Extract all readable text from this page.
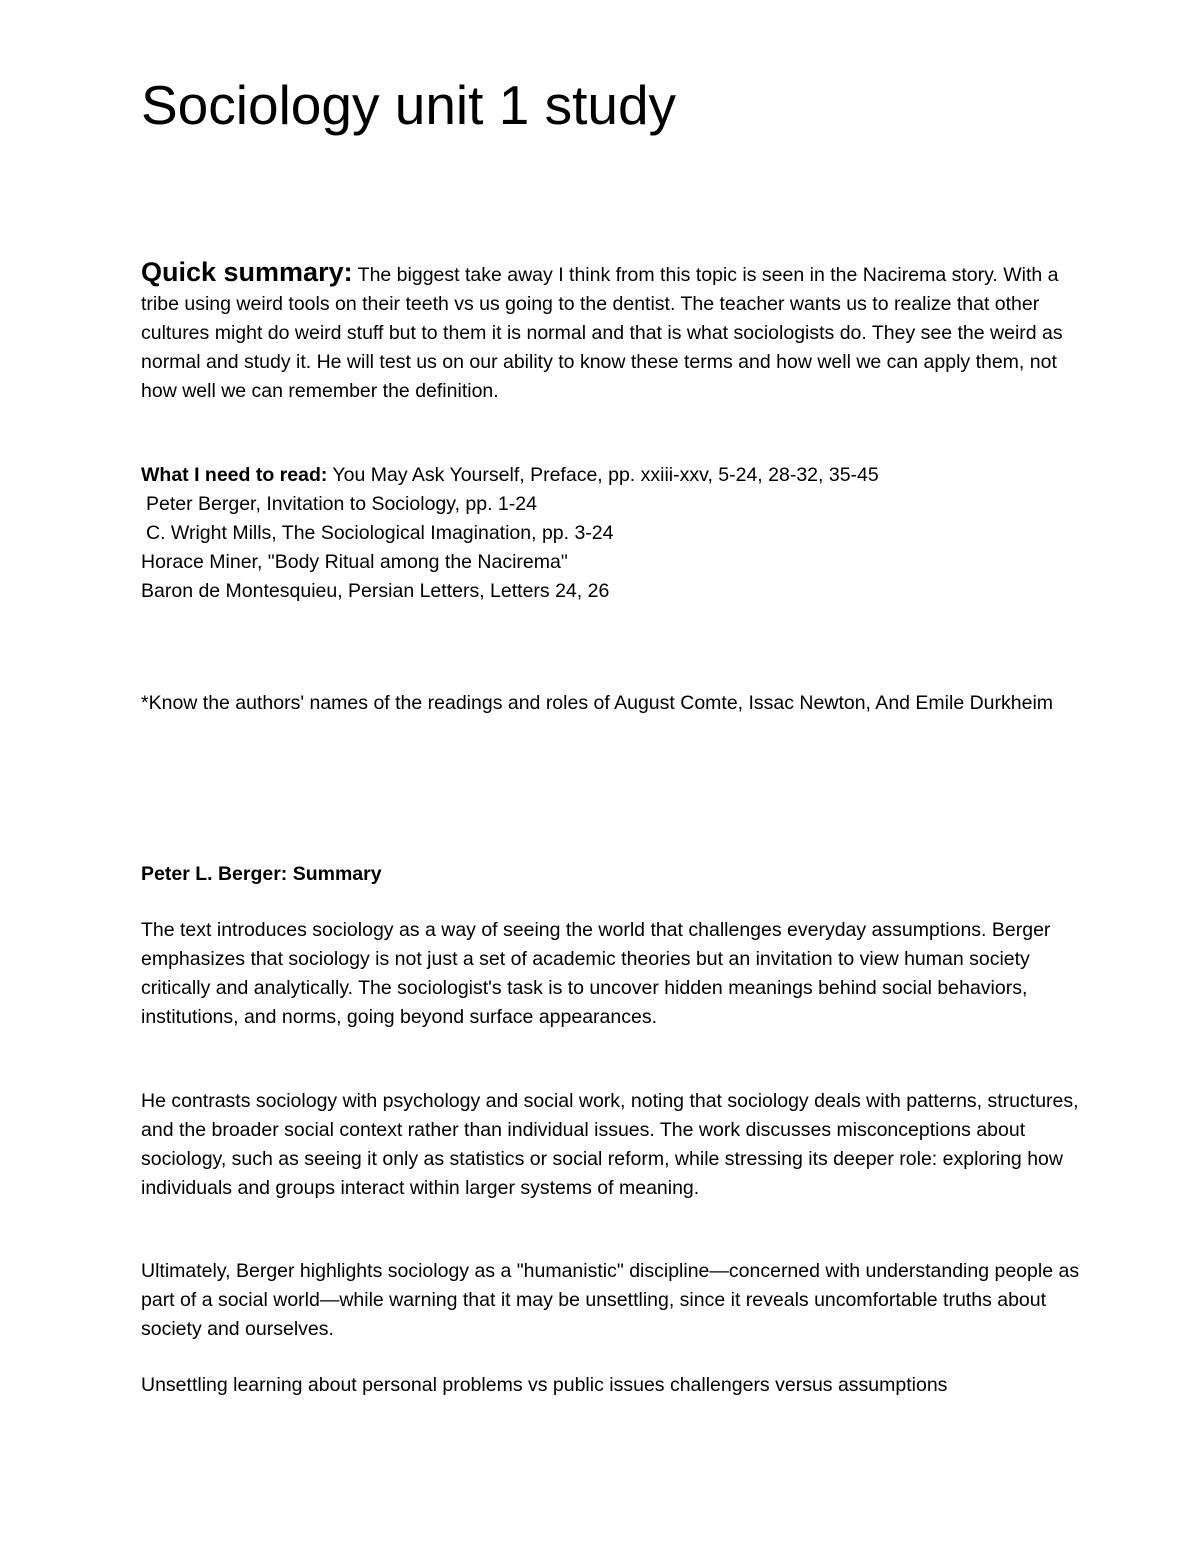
Sociology unit 1 study

Quick summary: The biggest take away I think from this topic is seen in the Nacirema story. With a tribe using weird tools on their teeth vs us going to the dentist. The teacher wants us to realize that other cultures might do weird stuff but to them it is normal and that is what sociologists do. They see the weird as normal and study it. He will test us on our ability to know these terms and how well we can apply them, not how well we can remember the definition.

What I need to read: You May Ask Yourself, Preface, pp. xxiii-xxv, 5-24, 28-32, 35-45
Peter Berger, Invitation to Sociology, pp. 1-24
C. Wright Mills, The Sociological Imagination, pp. 3-24
Horace Miner, "Body Ritual among the Nacirema"
Baron de Montesquieu, Persian Letters, Letters 24, 26

*Know the authors' names of the readings and roles of August Comte, Issac Newton, And Emile Durkheim

Peter L. Berger: Summary

The text introduces sociology as a way of seeing the world that challenges everyday assumptions. Berger emphasizes that sociology is not just a set of academic theories but an invitation to view human society critically and analytically. The sociologist's task is to uncover hidden meanings behind social behaviors, institutions, and norms, going beyond surface appearances.

He contrasts sociology with psychology and social work, noting that sociology deals with patterns, structures, and the broader social context rather than individual issues. The work discusses misconceptions about sociology, such as seeing it only as statistics or social reform, while stressing its deeper role: exploring how individuals and groups interact within larger systems of meaning.

Ultimately, Berger highlights sociology as a "humanistic" discipline—concerned with understanding people as part of a social world—while warning that it may be unsettling, since it reveals uncomfortable truths about society and ourselves.

Unsettling learning about personal problems vs public issues challengers versus assumptions
